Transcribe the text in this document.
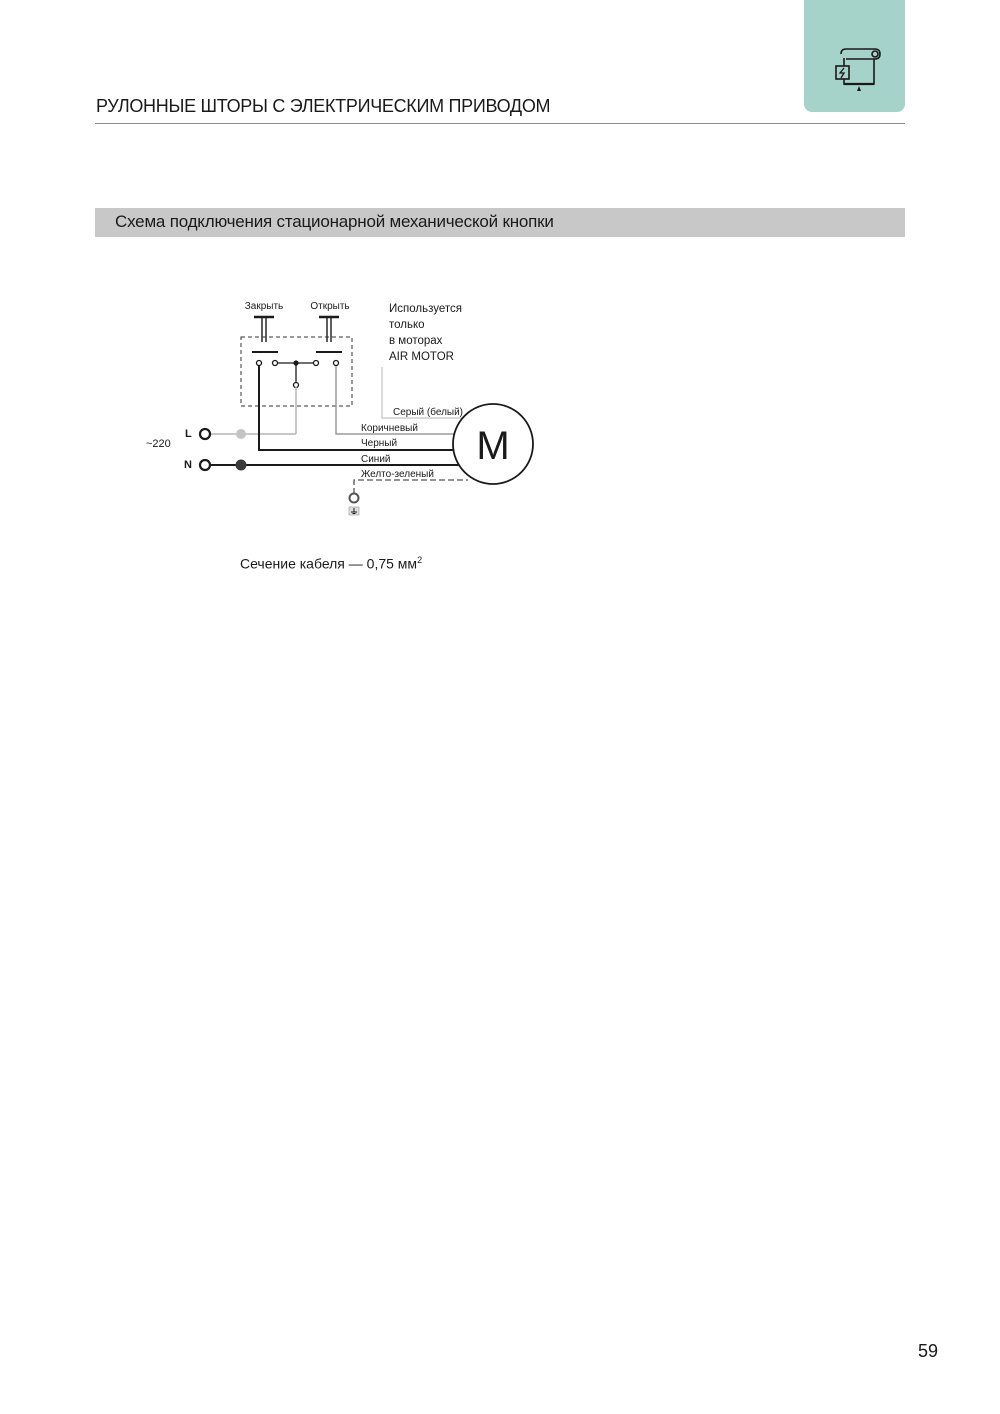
РУЛОННЫЕ ШТОРЫ С ЭЛЕКТРИЧЕСКИМ ПРИВОДОМ
Схема подключения стационарной механической кнопки
Закрыть	Открыть	Используется
только
в моторах
AIR MOTOR
L
N
~220
Серый (белый)
Коричневый
Черный
Синий
Желто-зеленый
M
Сечение кабеля — 0,75 $мм^2$
59
